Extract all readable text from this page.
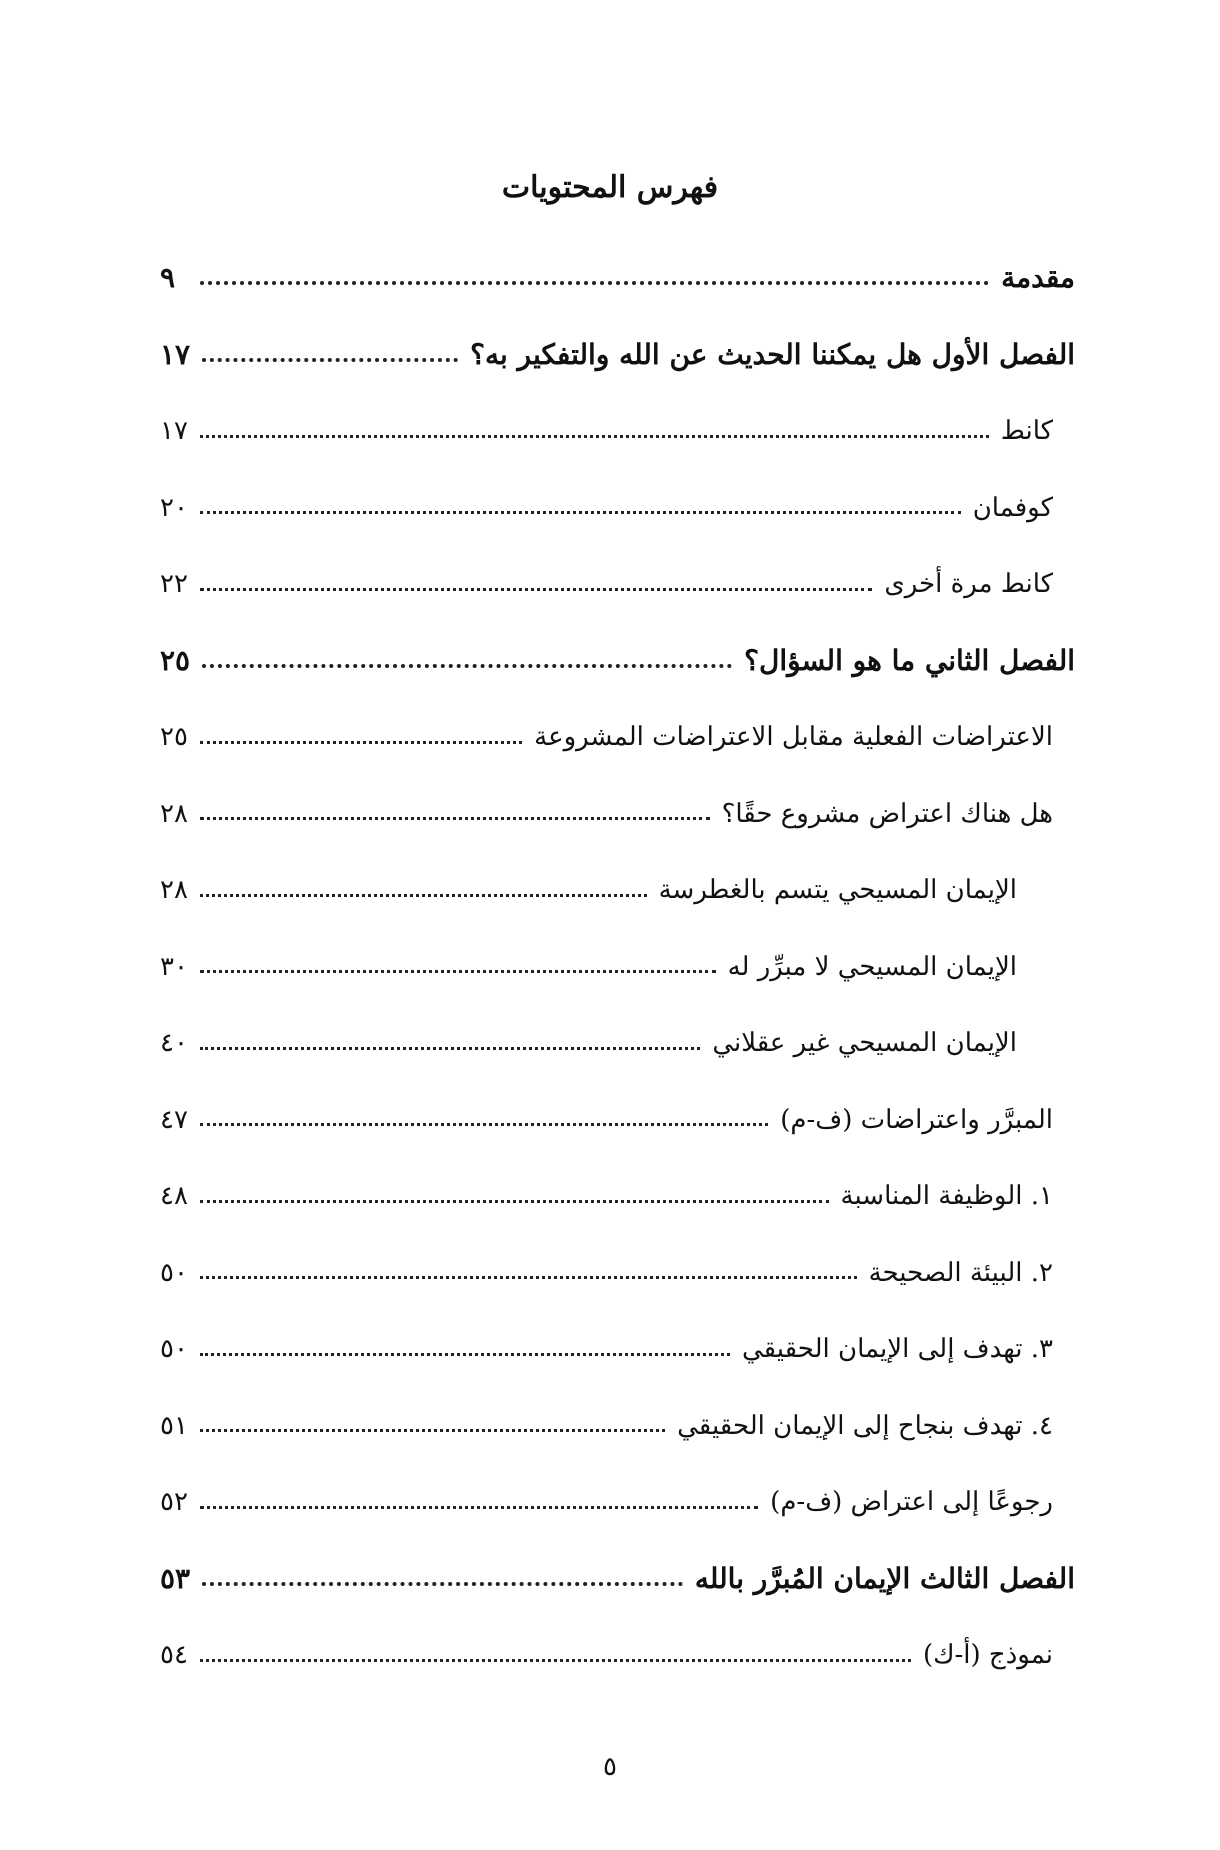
فهرس المحتويات
مقدمة
٩
الفصل الأول هل يمكننا الحديث عن الله والتفكير به؟
١٧
كانط
١٧
كوفمان
٢٠
كانط مرة أخرى
٢٢
الفصل الثاني ما هو السؤال؟
٢٥
الاعتراضات الفعلية مقابل الاعتراضات المشروعة
٢٥
هل هناك اعتراض مشروع حقًا؟
٢٨
الإيمان المسيحي يتسم بالغطرسة
٢٨
الإيمان المسيحي لا مبرِّر له
٣٠
الإيمان المسيحي غير عقلاني
٤٠
المبرَّر واعتراضات (ف-م)
٤٧
١. الوظيفة المناسبة
٤٨
٢. البيئة الصحيحة
٥٠
٣. تهدف إلى الإيمان الحقيقي
٥٠
٤. تهدف بنجاح إلى الإيمان الحقيقي
٥١
رجوعًا إلى اعتراض (ف-م)
٥٢
الفصل الثالث الإيمان المُبرَّر بالله
٥٣
نموذج (أ-ك)
٥٤
٥
